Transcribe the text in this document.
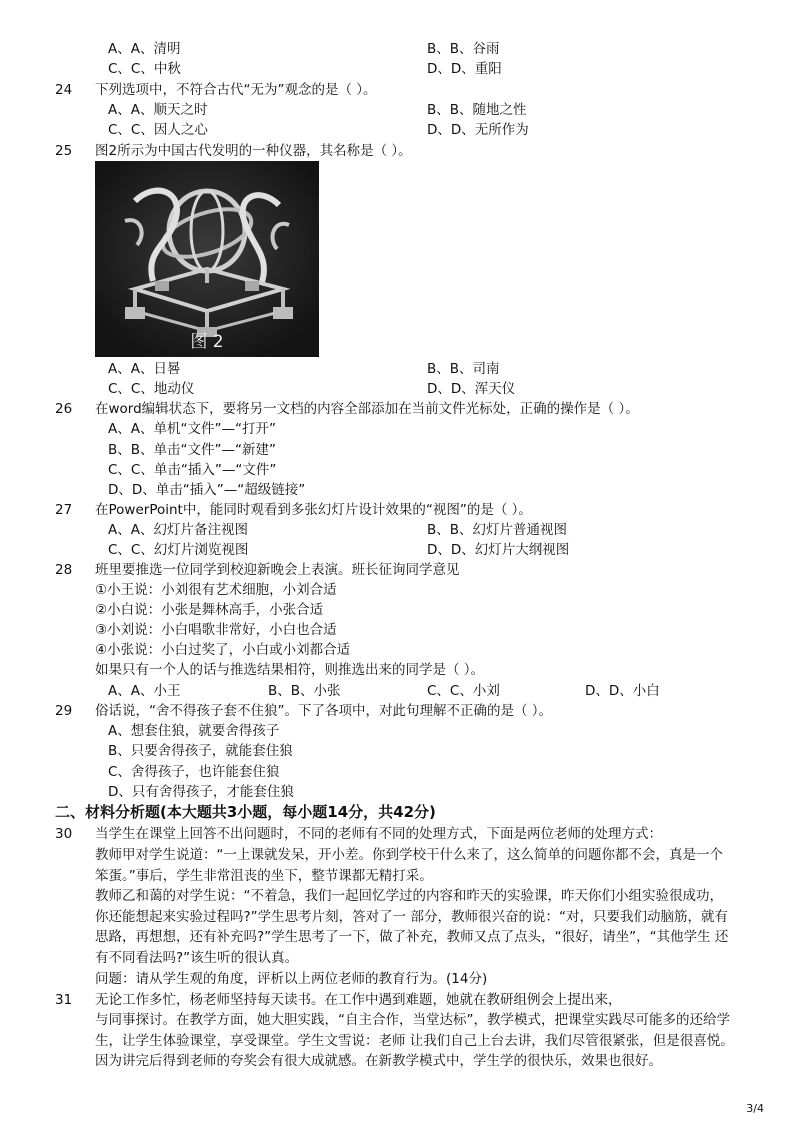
A、A、清明	B、B、谷雨
C、C、中秋	D、D、重阳
24	下列选项中，不符合古代“无为”观念的是（ ）。
A、A、顺天之时	B、B、随地之性
C、C、因人之心	D、D、无所作为
25	图2所示为中国古代发明的一种仪器，其名称是（ ）。
图 2
A、A、日晷	B、B、司南
C、C、地动仪	D、D、浑天仪
26	在word编辑状态下，要将另一文档的内容全部添加在当前文件光标处，正确的操作是（ ）。
A、A、单机“文件”—“打开”
B、B、单击“文件”—“新建”
C、C、单击“插入”—“文件”
D、D、单击“插入”—“超级链接”
27	在PowerPoint中，能同时观看到多张幻灯片设计效果的“视图”的是（ ）。
A、A、幻灯片备注视图	B、B、幻灯片普通视图
C、C、幻灯片浏览视图	D、D、幻灯片大纲视图
28	班里要推选一位同学到校迎新晚会上表演。班长征询同学意见
①小王说：小刘很有艺术细胞，小刘合适
②小白说：小张是舞林高手，小张合适
③小刘说：小白唱歌非常好，小白也合适
④小张说：小白过奖了，小白或小刘都合适
如果只有一个人的话与推选结果相符，则推选出来的同学是（ ）。
A、A、小王	B、B、小张	C、C、小刘	D、D、小白
29	俗话说，“舍不得孩子套不住狼”。下了各项中，对此句理解不正确的是（ ）。
A、想套住狼，就要舍得孩子
B、只要舍得孩子，就能套住狼
C、舍得孩子，也许能套住狼
D、只有舍得孩子，才能套住狼
二、材料分析题(本大题共3小题，每小题14分，共42分)
30	当学生在课堂上回答不出问题时，不同的老师有不同的处理方式，下面是两位老师的处理方式：
教师甲对学生说道：“一上课就发呆，开小差。你到学校干什么来了，这么简单的问题你都不会，真是一个笨蛋。”事后，学生非常沮丧的坐下，整节课都无精打采。
教师乙和蔼的对学生说：“不着急，我们一起回忆学过的内容和昨天的实验课，昨天你们小组实验很成功，你还能想起来实验过程吗?”学生思考片刻，答对了一 部分，教师很兴奋的说：“对，只要我们动脑筋，就有思路，再想想，还有补充吗?”学生思考了一下，做了补充，教师又点了点头，“很好，请坐”，“其他学生 还有不同看法吗?”该生听的很认真。
问题：请从学生观的角度，评析以上两位老师的教育行为。(14分)
31	无论工作多忙，杨老师坚持每天读书。在工作中遇到难题，她就在教研组例会上提出来，
与同事探讨。在教学方面，她大胆实践，“自主合作，当堂达标”，教学模式，把课堂实践尽可能多的还给学生，让学生体验课堂，享受课堂。学生文雪说：老师 让我们自己上台去讲，我们尽管很紧张，但是很喜悦。因为讲完后得到老师的夸奖会有很大成就感。在新教学模式中，学生学的很快乐，效果也很好。
3/4
